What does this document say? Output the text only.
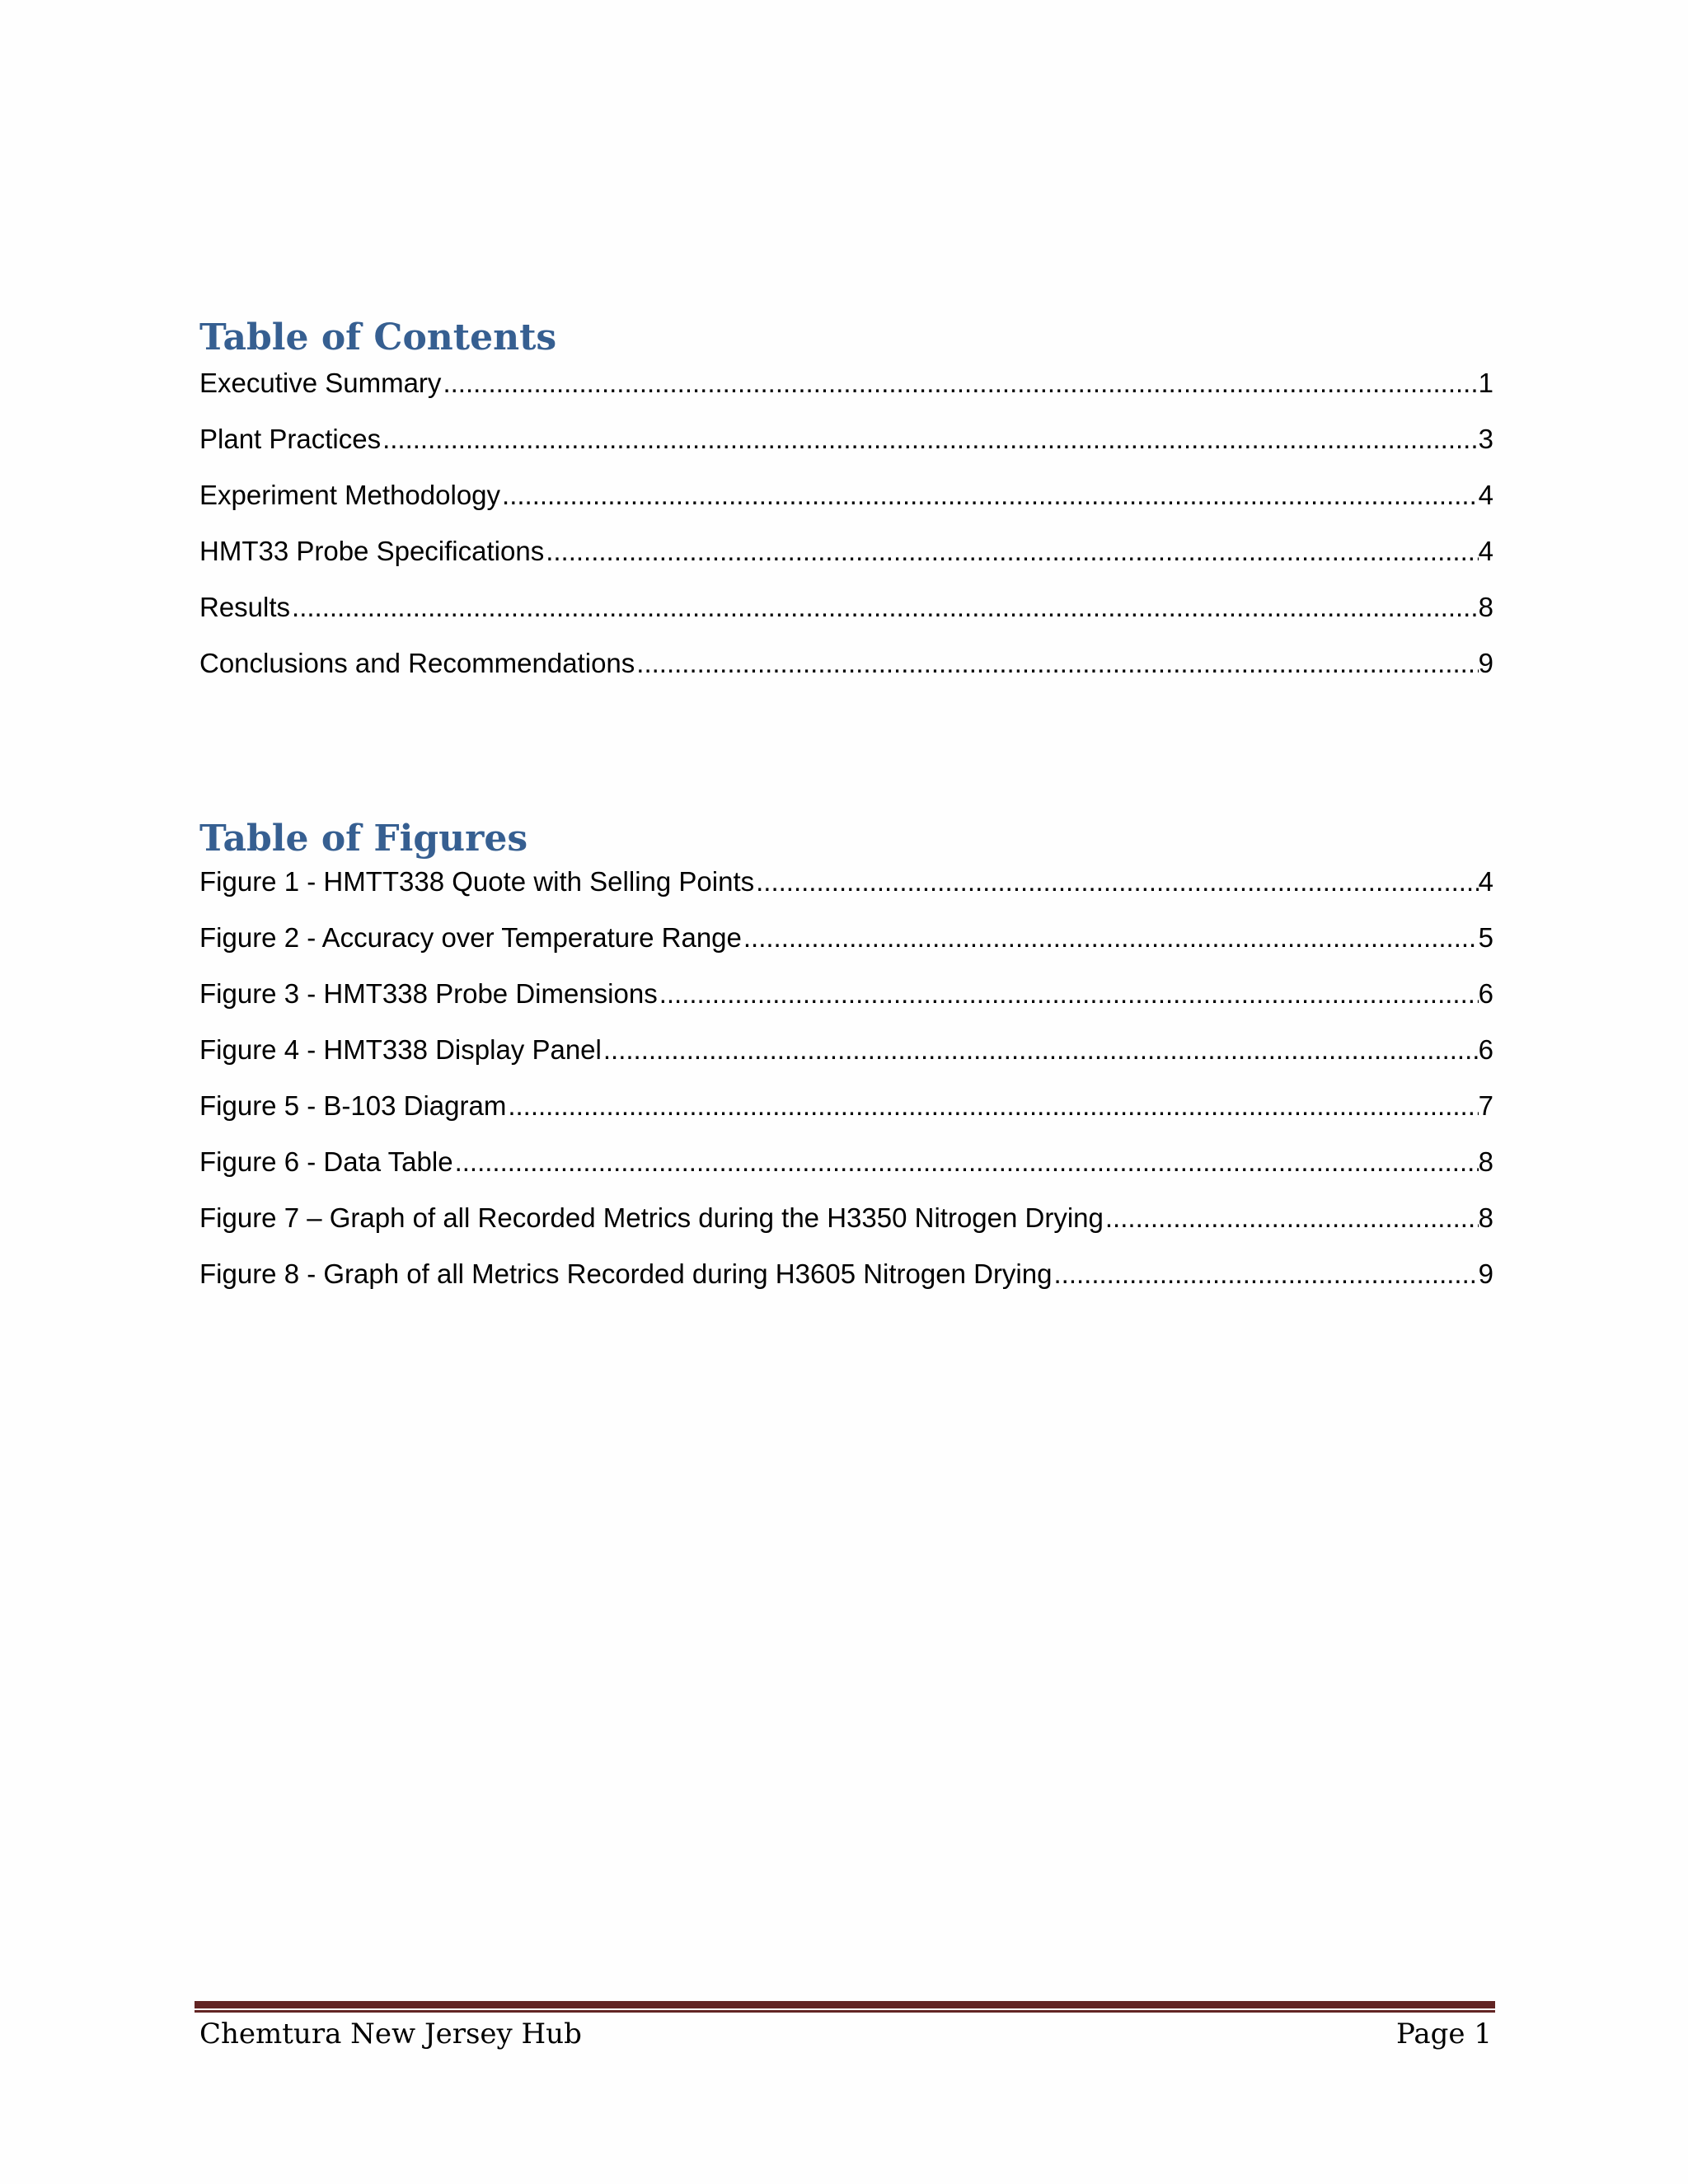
Table of Contents
Executive Summary .....	1
Plant Practices .....	3
Experiment Methodology .....	4
HMT33 Probe Specifications .....	4
Results .....	8
Conclusions and Recommendations .....	9
Table of Figures
Figure 1 - HMTT338 Quote with Selling Points .....	4
Figure 2 - Accuracy over Temperature Range .....	5
Figure 3 - HMT338 Probe Dimensions .....	6
Figure 4 - HMT338 Display Panel .....	6
Figure 5 - B-103 Diagram .....	7
Figure 6 - Data Table .....	8
Figure 7 – Graph of all Recorded Metrics during the H3350 Nitrogen Drying .....	8
Figure 8 - Graph of all Metrics Recorded during H3605 Nitrogen Drying .....	9
Chemtura New Jersey Hub	Page 1
